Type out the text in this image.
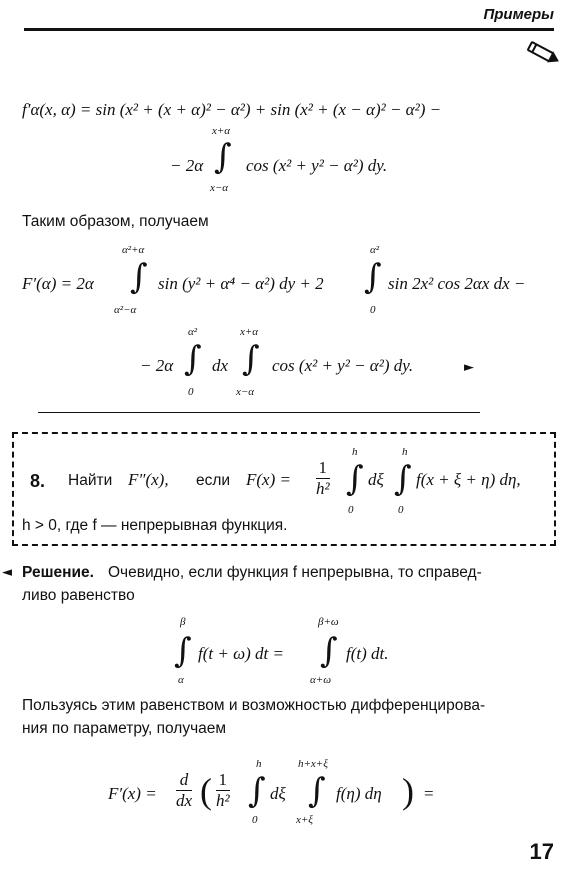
Примеры
f′α(x, α) = sin (x² + (x + α)² − α²) + sin (x² + (x − α)² − α²) −
− 2α
x+α
∫
x−α
cos (x² + y² − α²) dy.
Таким образом, получаем
F′(α) = 2α
α²+α
∫
α²−α
sin (y² + α⁴ − α²) dy + 2
α²
∫
0
sin 2x² cos 2αx dx −
− 2α
α²
∫
0
dx
x+α
∫
x−α
cos (x² + y² − α²) dy.	►
8. Найти F″(x), если $F(x) = \frac{1}{\text{h²}}$
h
∫
0
dξ
h
∫
0
f(x + ξ + η) dη,
h > 0, где f — непрерывная функция.
◄ Решение. Очевидно, если функция f непрерывна, то справед-
ливо равенство
β
∫
α
f(t + ω) dt =
β+ω
∫
α+ω
f(t) dt.
Пользуясь этим равенством и возможностью дифференцирова-
ния по параметру, получаем
$F'(x) = \frac{d}{dx}$ ( $\frac{1}{\text{h²}}$
h
∫
0
dξ
h+x+ξ
∫
x+ξ
f(η) dη ) =
17
